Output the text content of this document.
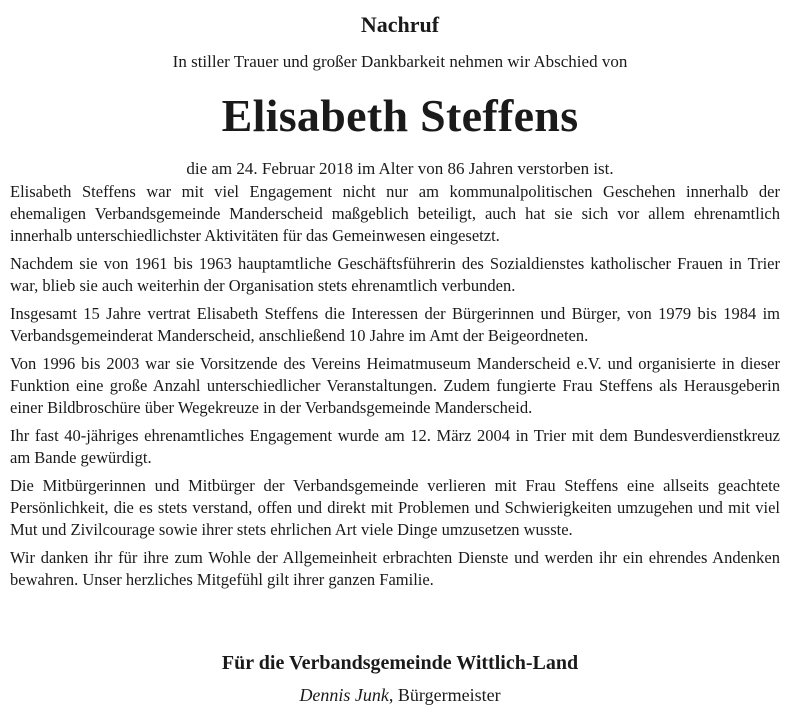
Nachruf
In stiller Trauer und großer Dankbarkeit nehmen wir Abschied von
Elisabeth Steffens
die am 24. Februar 2018 im Alter von 86 Jahren verstorben ist.

Elisabeth Steffens war mit viel Engagement nicht nur am kommunalpolitischen Geschehen innerhalb der ehemaligen Verbandsgemeinde Manderscheid maßgeblich beteiligt, auch hat sie sich vor allem ehrenamtlich innerhalb unterschiedlichster Aktivitäten für das Gemeinwesen eingesetzt.

Nachdem sie von 1961 bis 1963 hauptamtliche Geschäftsführerin des Sozialdienstes katholischer Frauen in Trier war, blieb sie auch weiterhin der Organisation stets ehrenamtlich verbunden.

Insgesamt 15 Jahre vertrat Elisabeth Steffens die Interessen der Bürgerinnen und Bürger, von 1979 bis 1984 im Verbandsgemeinderat Manderscheid, anschließend 10 Jahre im Amt der Beigeordneten.

Von 1996 bis 2003 war sie Vorsitzende des Vereins Heimatmuseum Manderscheid e.V. und organisierte in dieser Funktion eine große Anzahl unterschiedlicher Veranstaltungen. Zudem fungierte Frau Steffens als Herausgeberin einer Bildbroschüre über Wegekreuze in der Verbandsgemeinde Manderscheid.

Ihr fast 40-jähriges ehrenamtliches Engagement wurde am 12. März 2004 in Trier mit dem Bundesverdienstkreuz am Bande gewürdigt.

Die Mitbürgerinnen und Mitbürger der Verbandsgemeinde verlieren mit Frau Steffens eine allseits geachtete Persönlichkeit, die es stets verstand, offen und direkt mit Problemen und Schwierigkeiten umzugehen und mit viel Mut und Zivilcourage sowie ihrer stets ehrlichen Art viele Dinge umzusetzen wusste.

Wir danken ihr für ihre zum Wohle der Allgemeinheit erbrachten Dienste und werden ihr ein ehrendes Andenken bewahren. Unser herzliches Mitgefühl gilt ihrer ganzen Familie.

Für die Verbandsgemeinde Wittlich-Land
Dennis Junk, Bürgermeister
